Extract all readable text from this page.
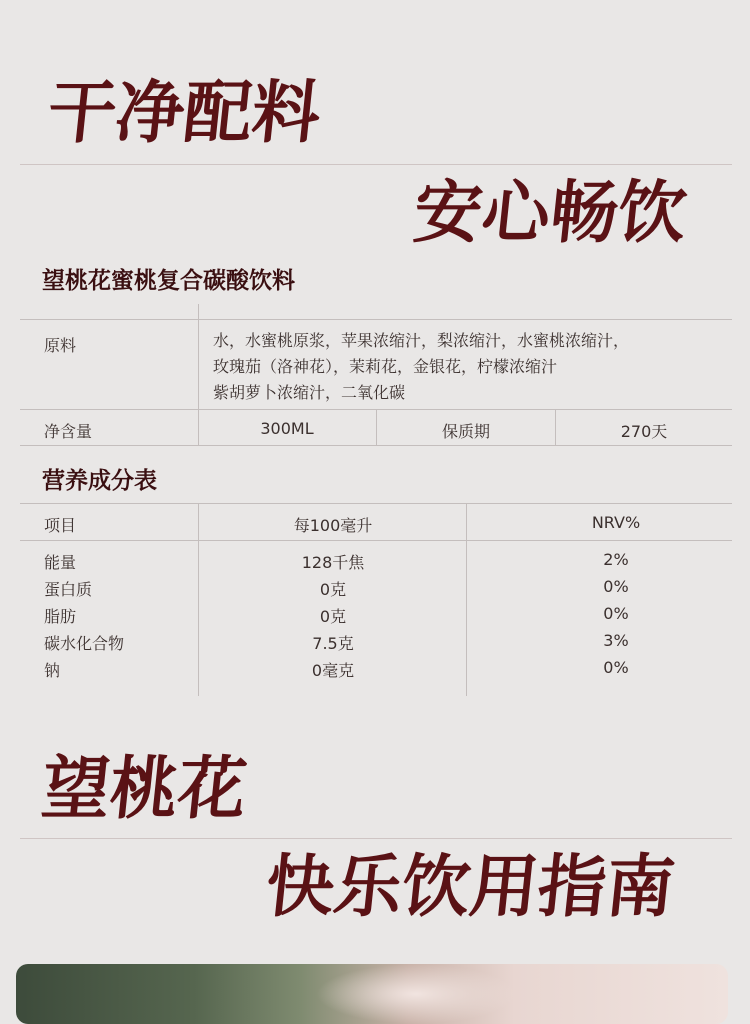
干净配料
安心畅饮
望桃花蜜桃复合碳酸饮料
原料	水，水蜜桃原浆，苹果浓缩汁，梨浓缩汁，水蜜桃浓缩汁，
玫瑰茄（洛神花），茉莉花，金银花，柠檬浓缩汁
紫胡萝卜浓缩汁，二氧化碳
净含量	300ML	保质期	270天
营养成分表
项目	每100毫升	NRV%
能量	128千焦	2%
蛋白质	0克	0%
脂肪	0克	0%
碳水化合物	7.5克	3%
钠	0毫克	0%
望桃花
快乐饮用指南
